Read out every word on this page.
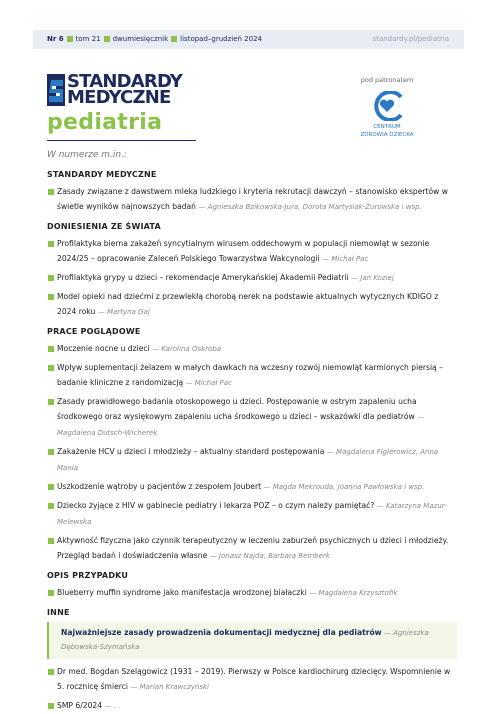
Nr 6 tom 21 dwumiesięcznik listopad–grudzień 2024	standardy.pl/pediatria
STANDARDY
MEDYCZNE
pediatria
pod patronatem
CENTRUM
ZDROWIA DZIECKA
W numerze m.in.:
STANDARDY MEDYCZNE
Zasady związane z dawstwem mleka ludzkiego i kryteria rekrutacji dawczyń – stanowisko ekspertów w świetle wyników najnowszych badań — Agnieszka Bzikowska-Jura, Dorota Martysiak-Żurowska i wsp.
DONIESIENIA ZE ŚWIATA
Profilaktyka bierna zakażeń syncytialnym wirusem oddechowym w populacji niemowląt w sezonie 2024/25 – opracowanie Zaleceń Polskiego Towarzystwa Wakcynologii — Michał Pac
Profilaktyka grypy u dzieci – rekomendacje Amerykańskiej Akademii Pediatrii — Jan Koziej
Model opieki nad dziećmi z przewlekłą chorobą nerek na podstawie aktualnych wytycznych KDIGO z 2024 roku — Martyna Gaj
PRACE POGLĄDOWE
Moczenie nocne u dzieci — Karolina Oskroba
Wpływ suplementacji żelazem w małych dawkach na wczesny rozwój niemowląt karmionych piersią – badanie kliniczne z randomizacją — Michał Pac
Zasady prawidłowego badania otoskopowego u dzieci. Postępowanie w ostrym zapaleniu ucha środkowego oraz wysiękowym zapaleniu ucha środkowego u dzieci – wskazówki dla pediatrów — Magdalena Dutsch-Wicherek
Zakażenie HCV u dzieci i młodzieży – aktualny standard postępowania — Magdalena Figlerowicz, Anna Mania
Uszkodzenie wątroby u pacjentów z zespołem Joubert — Magda Mekrouda, Joanna Pawłowska i wsp.
Dziecko żyjące z HIV w gabinecie pediatry i lekarza POZ – o czym należy pamiętać? — Katarzyna Mazur-Melewska
Aktywność fizyczna jako czynnik terapeutyczny w leczeniu zaburzeń psychicznych u dzieci i młodzieży. Przegląd badań i doświadczenia własne — Jonasz Najda, Barbara Remberk
OPIS PRZYPADKU
Blueberry muffin syndrome jako manifestacja wrodzonej białaczki — Magdalena Krzysztofik
INNE
Najważniejsze zasady prowadzenia dokumentacji medycznej dla pediatrów — Agnieszka Dębowska-Szymańska
Dr med. Bogdan Szelągowicz (1931 – 2019). Pierwszy w Polsce kardiochirurg dziecięcy. Wspomnienie w 5. rocznicę śmierci — Marian Krawczyński
SMP 6/2024 — . .
